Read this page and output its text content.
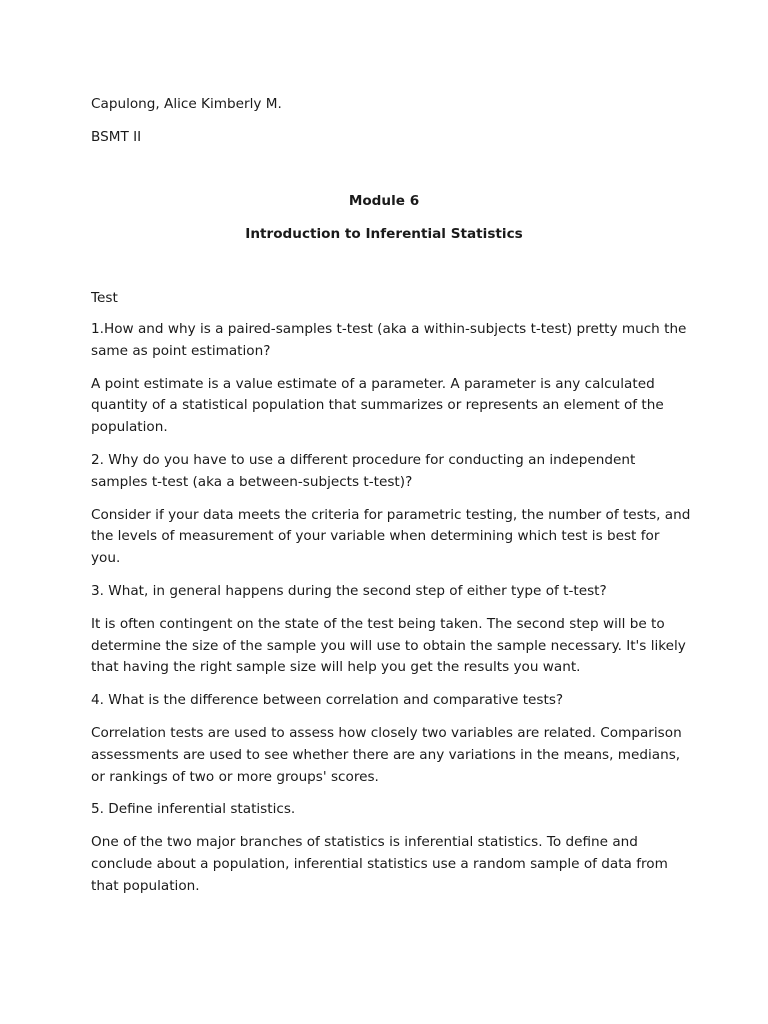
Capulong, Alice Kimberly M.

BSMT II

Module 6

Introduction to Inferential Statistics

Test

1.How and why is a paired-samples t-test (aka a within-subjects t-test) pretty much the same as point estimation?

A point estimate is a value estimate of a parameter. A parameter is any calculated quantity of a statistical population that summarizes or represents an element of the population.

2. Why do you have to use a different procedure for conducting an independent samples t-test (aka a between-subjects t-test)?

Consider if your data meets the criteria for parametric testing, the number of tests, and the levels of measurement of your variable when determining which test is best for you.

3. What, in general happens during the second step of either type of t-test?

It is often contingent on the state of the test being taken. The second step will be to determine the size of the sample you will use to obtain the sample necessary. It's likely that having the right sample size will help you get the results you want.

4. What is the difference between correlation and comparative tests?

Correlation tests are used to assess how closely two variables are related. Comparison assessments are used to see whether there are any variations in the means, medians, or rankings of two or more groups' scores.

5. Define inferential statistics.

One of the two major branches of statistics is inferential statistics. To define and conclude about a population, inferential statistics use a random sample of data from that population.
